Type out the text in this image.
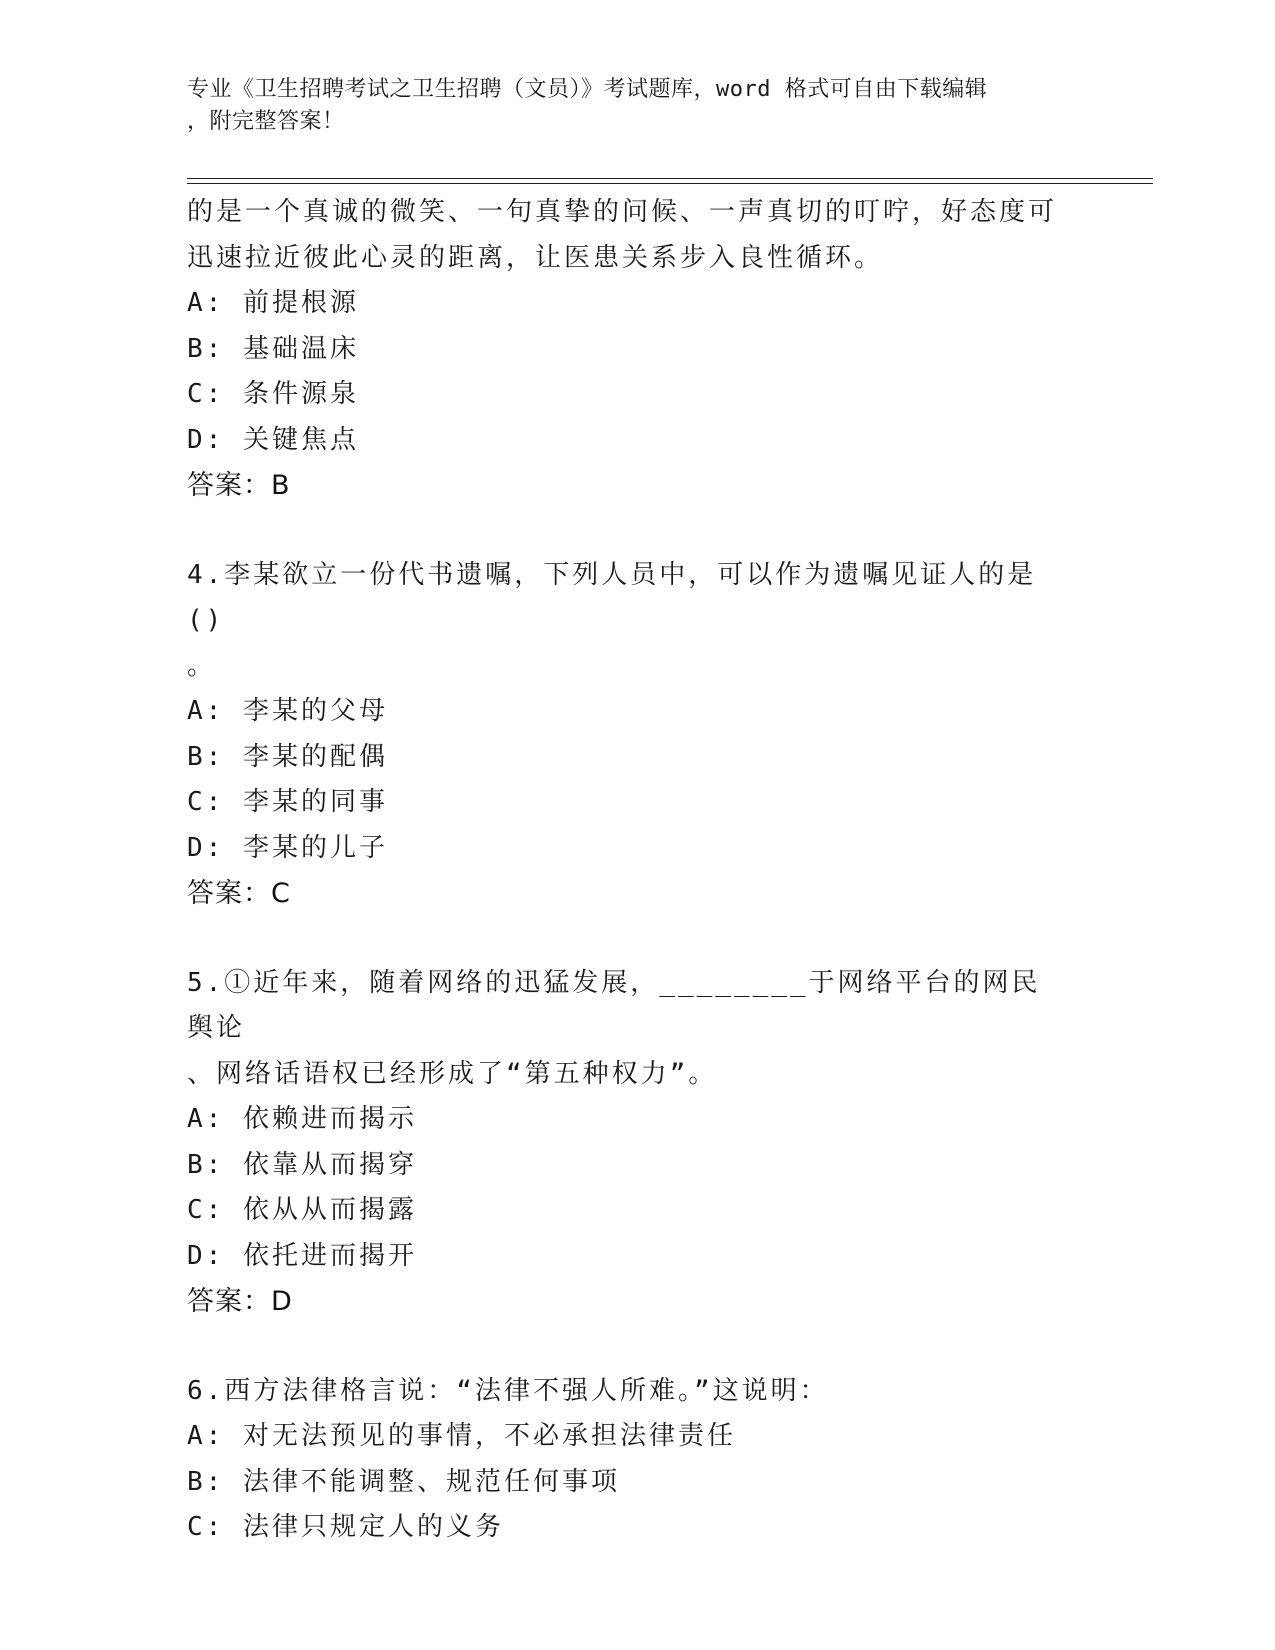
专业《卫生招聘考试之卫生招聘（文员）》考试题库，word 格式可自由下载编辑
，附完整答案！
的是一个真诚的微笑、一句真挚的问候、一声真切的叮咛，好态度可
迅速拉近彼此心灵的距离，让医患关系步入良性循环。
A: 前提根源
B: 基础温床
C: 条件源泉
D: 关键焦点
答案：B
4.李某欲立一份代书遗嘱，下列人员中，可以作为遗嘱见证人的是()
。
A: 李某的父母
B: 李某的配偶
C: 李某的同事
D: 李某的儿子
答案：C
5.①近年来，随着网络的迅猛发展，________于网络平台的网民舆论
、网络话语权已经形成了“第五种权力”。
A: 依赖进而揭示
B: 依靠从而揭穿
C: 依从从而揭露
D: 依托进而揭开
答案：D
6.西方法律格言说：“法律不强人所难。”这说明：
A: 对无法预见的事情，不必承担法律责任
B: 法律不能调整、规范任何事项
C: 法律只规定人的义务
